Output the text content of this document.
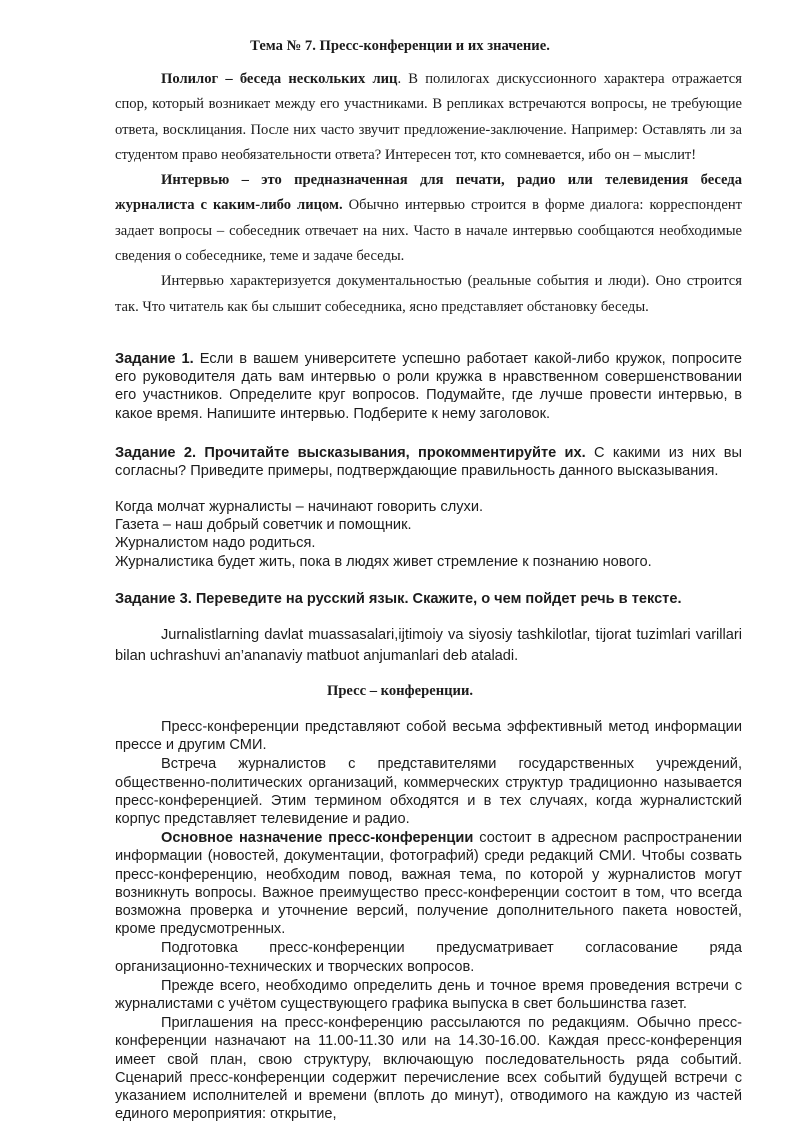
Тема № 7. Пресс-конференции и их значение.

Полилог – беседа нескольких лиц. В полилогах дискуссионного характера отражается спор, который возникает между его участниками. В репликах встречаются вопросы, не требующие ответа, восклицания. После них часто звучит предложение-заключение. Например: Оставлять ли за студентом право необязательности ответа? Интересен тот, кто сомневается, ибо он – мыслит!

Интервью – это предназначенная для печати, радио или телевидения беседа журналиста с каким-либо лицом. Обычно интервью строится в форме диалога: корреспондент задает вопросы – собеседник отвечает на них. Часто в начале интервью сообщаются необходимые сведения о собеседнике, теме и задаче беседы.

Интервью характеризуется документальностью (реальные события и люди). Оно строится так. Что читатель как бы слышит собеседника, ясно представляет обстановку беседы.

Задание 1. Если в вашем университете успешно работает какой-либо кружок, попросите его руководителя дать вам интервью о роли кружка в нравственном совершенствовании его участников. Определите круг вопросов. Подумайте, где лучше провести интервью, в какое время. Напишите интервью. Подберите к нему заголовок.

Задание 2. Прочитайте высказывания, прокомментируйте их. С какими из них вы согласны? Приведите примеры, подтверждающие правильность данного высказывания.

Когда молчат журналисты – начинают говорить слухи.

Газета – наш добрый советчик и помощник.

Журналистом надо родиться.

Журналистика будет жить, пока в людях живет стремление к познанию нового.

Задание 3. Переведите на русский язык. Скажите, о чем пойдет речь в тексте.

Jurnalistlarning davlat muassasalari,ijtimoiy va siyosiy tashkilotlar, tijorat tuzimlari varillari bilan uchrashuvi an’ananaviy matbuot anjumanlari deb ataladi.

Пресс – конференции.

Пресс-конференции представляют собой весьма эффективный метод информации прессе и другим СМИ.

Встреча журналистов с представителями государственных учреждений, общественно-политических организаций, коммерческих структур традиционно называется пресс-конференцией. Этим термином обходятся и в тех случаях, когда журналистский корпус представляет телевидение и радио.

Основное назначение пресс-конференции состоит в адресном распространении информации (новостей, документации, фотографий) среди редакций СМИ. Чтобы созвать пресс-конференцию, необходим повод, важная тема, по которой у журналистов могут возникнуть вопросы. Важное преимущество пресс-конференции состоит в том, что всегда возможна проверка и уточнение версий, получение дополнительного пакета новостей, кроме предусмотренных.

Подготовка пресс-конференции предусматривает согласование ряда организационно-технических и творческих вопросов.

Прежде всего, необходимо определить день и точное время проведения встречи с журналистами с учётом существующего графика выпуска в свет большинства газет.

Приглашения на пресс-конференцию рассылаются по редакциям. Обычно пресс-конференции назначают на 11.00-11.30 или на 14.30-16.00. Каждая пресс-конференция имеет свой план, свою структуру, включающую последовательность ряда событий. Сценарий пресс-конференции содержит перечисление всех событий будущей встречи с указанием исполнителей и времени (вплоть до минут), отводимого на каждую из частей единого мероприятия: открытие,
